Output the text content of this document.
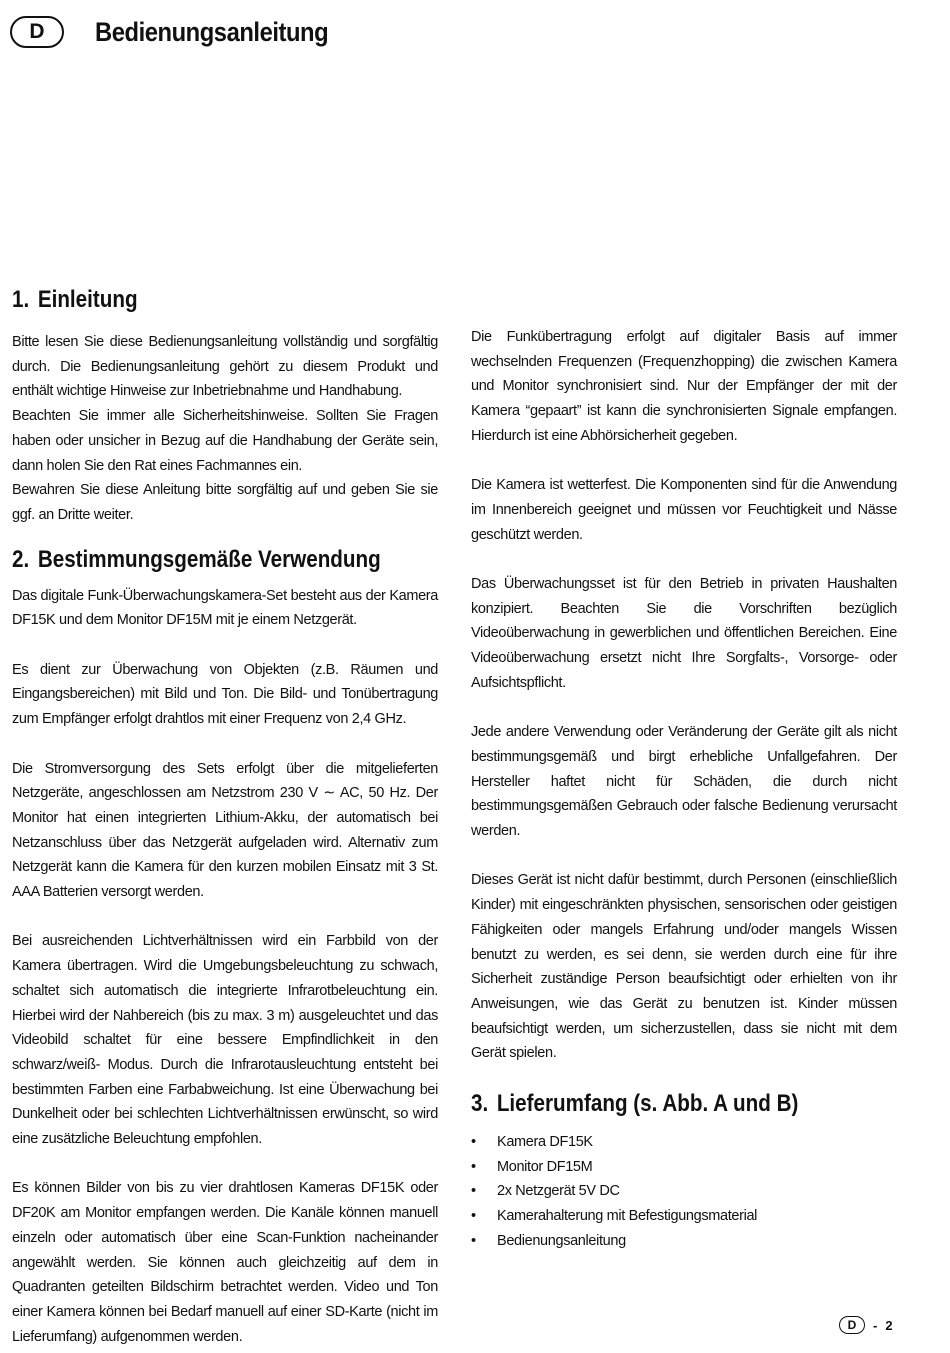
D	Bedienungsanleitung
1. Einleitung

Bitte lesen Sie diese Bedienungsanleitung vollständig und sorgfältig durch. Die Bedienungsanleitung gehört zu diesem Produkt und enthält wichtige Hinweise zur Inbetriebnahme und Handhabung.

Beachten Sie immer alle Sicherheitshinweise. Sollten Sie Fragen haben oder unsicher in Bezug auf die Handhabung der Geräte sein, dann holen Sie den Rat eines Fachmannes ein.

Bewahren Sie diese Anleitung bitte sorgfältig auf und geben Sie sie ggf. an Dritte weiter.

2. Bestimmungsgemäße Verwendung

Das digitale Funk-Überwachungskamera-Set besteht aus der Kamera DF15K und dem Monitor DF15M mit je einem Netzgerät.

Es dient zur Überwachung von Objekten (z.B. Räumen und Eingangsbereichen) mit Bild und Ton. Die Bild- und Tonübertragung zum Empfänger erfolgt drahtlos mit einer Frequenz von 2,4 GHz.

Die Stromversorgung des Sets erfolgt über die mitgelieferten Netzgeräte, angeschlossen am Netzstrom 230 V ∼ AC, 50 Hz. Der Monitor hat einen integrierten Lithium-Akku, der automatisch bei Netzanschluss über das Netzgerät aufgeladen wird. Alternativ zum Netzgerät kann die Kamera für den kurzen mobilen Einsatz mit 3 St. AAA Batterien versorgt werden.

Bei ausreichenden Lichtverhältnissen wird ein Farbbild von der Kamera übertragen. Wird die Umgebungsbeleuchtung zu schwach, schaltet sich automatisch die integrierte Infrarotbeleuchtung ein. Hierbei wird der Nahbereich (bis zu max. 3 m) ausgeleuchtet und das Videobild schaltet für eine bessere Empfindlichkeit in den schwarz/weiß- Modus. Durch die Infrarotausleuchtung entsteht bei bestimmten Farben eine Farbabweichung. Ist eine Überwachung bei Dunkelheit oder bei schlechten Lichtverhältnissen erwünscht, so wird eine zusätzliche Beleuchtung empfohlen.

Es können Bilder von bis zu vier drahtlosen Kameras DF15K oder DF20K am Monitor empfangen werden. Die Kanäle können manuell einzeln oder automatisch über eine Scan-Funktion nacheinander angewählt werden. Sie können auch gleichzeitig auf dem in Quadranten geteilten Bildschirm betrachtet werden. Video und Ton einer Kamera können bei Bedarf manuell auf einer SD-Karte (nicht im Lieferumfang) aufgenommen werden.

Die Funkübertragung erfolgt auf digitaler Basis auf immer wechselnden Frequenzen (Frequenzhopping) die zwischen Kamera und Monitor synchronisiert sind. Nur der Empfänger der mit der Kamera “gepaart” ist kann die synchronisierten Signale empfangen. Hierdurch ist eine Abhörsicherheit gegeben.

Die Kamera ist wetterfest. Die Komponenten sind für die Anwendung im Innenbereich geeignet und müssen vor Feuchtigkeit und Nässe geschützt werden.

Das Überwachungsset ist für den Betrieb in privaten Haushalten konzipiert. Beachten Sie die Vorschriften bezüglich Videoüberwachung in gewerblichen und öffentlichen Bereichen. Eine Videoüberwachung ersetzt nicht Ihre Sorgfalts-, Vorsorge- oder Aufsichtspflicht.

Jede andere Verwendung oder Veränderung der Geräte gilt als nicht bestimmungsgemäß und birgt erhebliche Unfallgefahren. Der Hersteller haftet nicht für Schäden, die durch nicht bestimmungsgemäßen Gebrauch oder falsche Bedienung verursacht werden.

Dieses Gerät ist nicht dafür bestimmt, durch Personen (einschließlich Kinder) mit eingeschränkten physischen, sensorischen oder geistigen Fähigkeiten oder mangels Erfahrung und/oder mangels Wissen benutzt zu werden, es sei denn, sie werden durch eine für ihre Sicherheit zuständige Person beaufsichtigt oder erhielten von ihr Anweisungen, wie das Gerät zu benutzen ist. Kinder müssen beaufsichtigt werden, um sicherzustellen, dass sie nicht mit dem Gerät spielen.

3. Lieferumfang (s. Abb. A und B)
•	Kamera DF15K
•	Monitor DF15M
•	2x Netzgerät 5V DC
•	Kamerahalterung mit Befestigungsmaterial
•	Bedienungsanleitung
D	- 2
